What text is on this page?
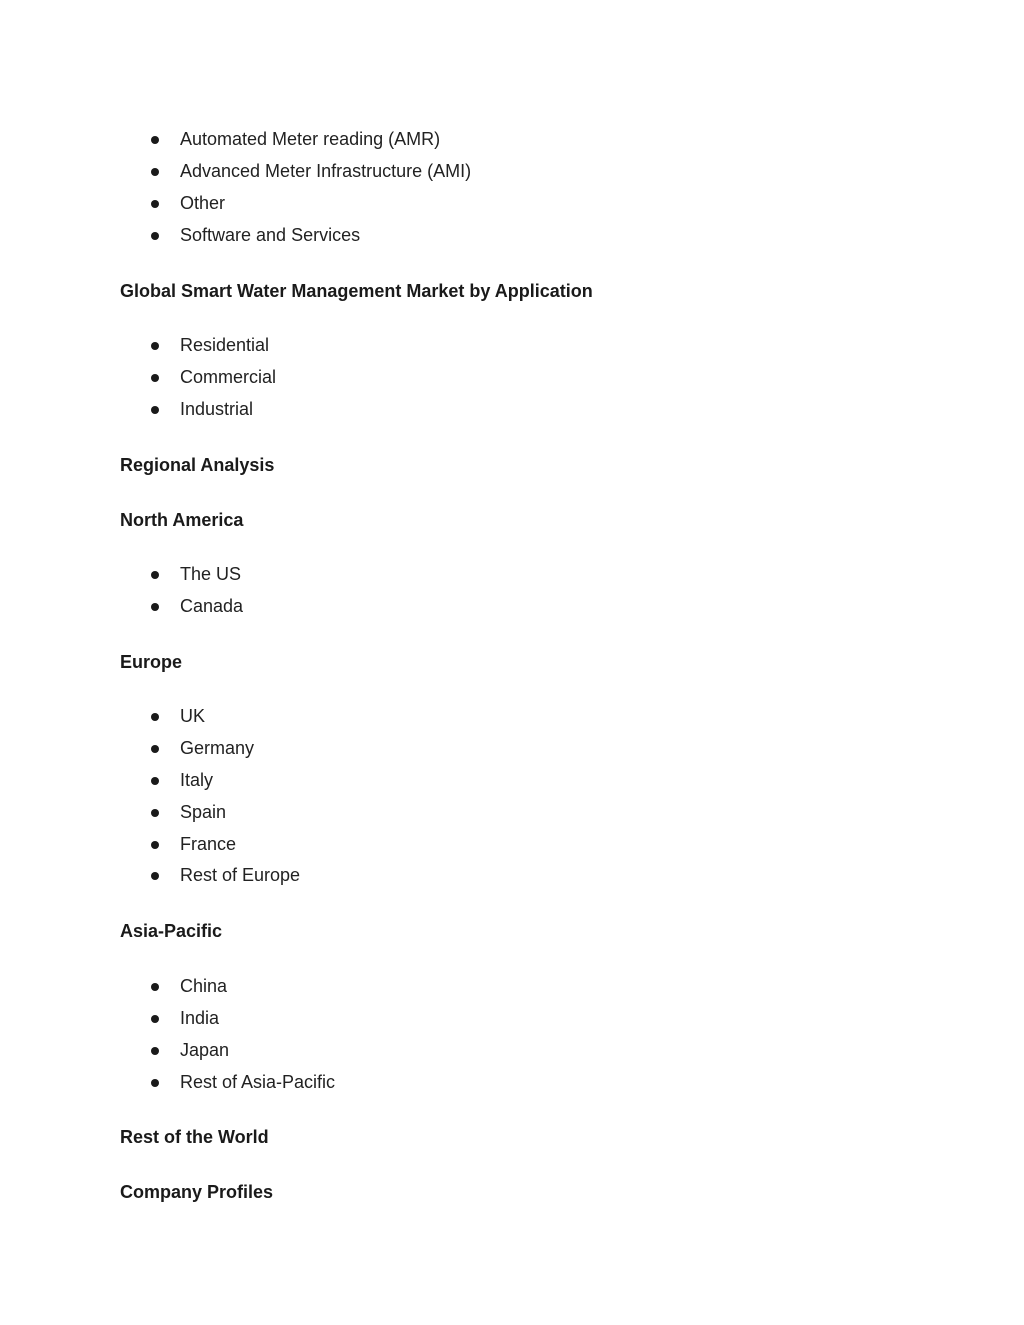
Automated Meter reading (AMR)
Advanced Meter Infrastructure (AMI)
Other
Software and Services
Global Smart Water Management Market by Application
Residential
Commercial
Industrial
Regional Analysis
North America
The US
Canada
Europe
UK
Germany
Italy
Spain
France
Rest of Europe
Asia-Pacific
China
India
Japan
Rest of Asia-Pacific
Rest of the World
Company Profiles
